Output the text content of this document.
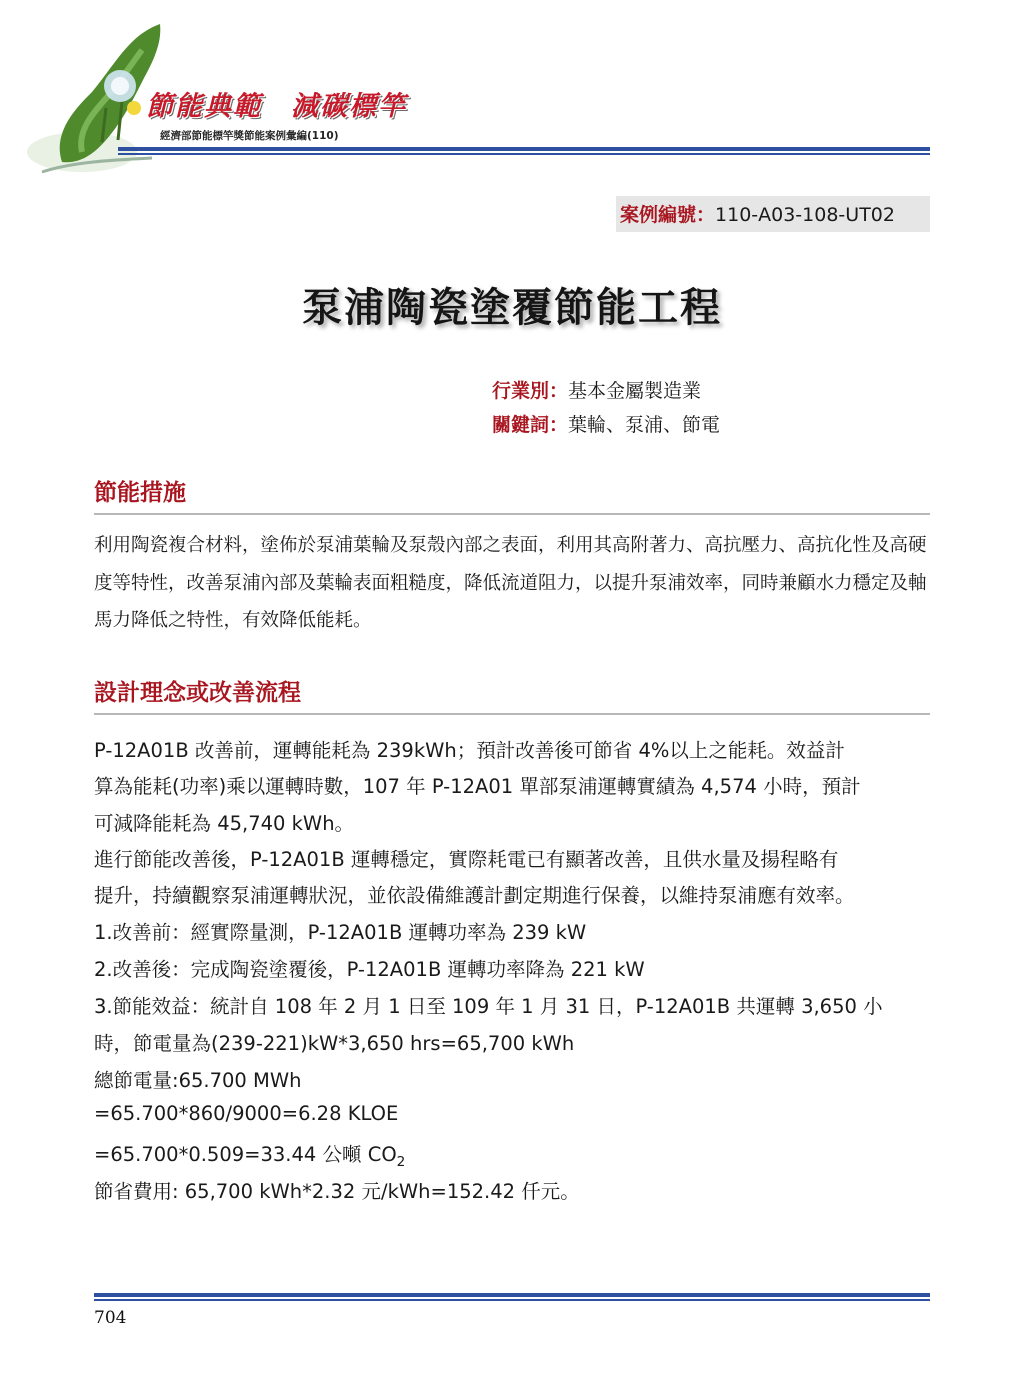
節能典範　減碳標竿
經濟部節能標竿獎節能案例彙編(110)
案例編號：110-A03-108-UT02
泵浦陶瓷塗覆節能工程
行業別：基本金屬製造業
關鍵詞：葉輪、泵浦、節電
節能措施
利用陶瓷複合材料，塗佈於泵浦葉輪及泵殼內部之表面，利用其高附著力、高抗壓力、高抗化性及高硬度等特性，改善泵浦內部及葉輪表面粗糙度，降低流道阻力，以提升泵浦效率，同時兼顧水力穩定及軸馬力降低之特性，有效降低能耗。
設計理念或改善流程
P-12A01B 改善前，運轉能耗為 239kWh；預計改善後可節省 4%以上之能耗。效益計
算為能耗(功率)乘以運轉時數，107 年 P-12A01 單部泵浦運轉實績為 4,574 小時，預計
可減降能耗為 45,740 kWh。
進行節能改善後，P-12A01B 運轉穩定，實際耗電已有顯著改善，且供水量及揚程略有
提升，持續觀察泵浦運轉狀況，並依設備維護計劃定期進行保養，以維持泵浦應有效率。
1.改善前：經實際量測，P-12A01B 運轉功率為 239 kW
2.改善後：完成陶瓷塗覆後，P-12A01B 運轉功率降為 221 kW
3.節能效益：統計自 108 年 2 月 1 日至 109 年 1 月 31 日，P-12A01B 共運轉 3,650 小
時，節電量為(239-221)kW*3,650 hrs=65,700 kWh
總節電量:65.700 MWh
=65.700*860/9000=6.28 KLOE
=65.700*0.509=33.44 公噸 $CO_2$
節省費用: 65,700 kWh*2.32 元/kWh=152.42 仟元。
704
